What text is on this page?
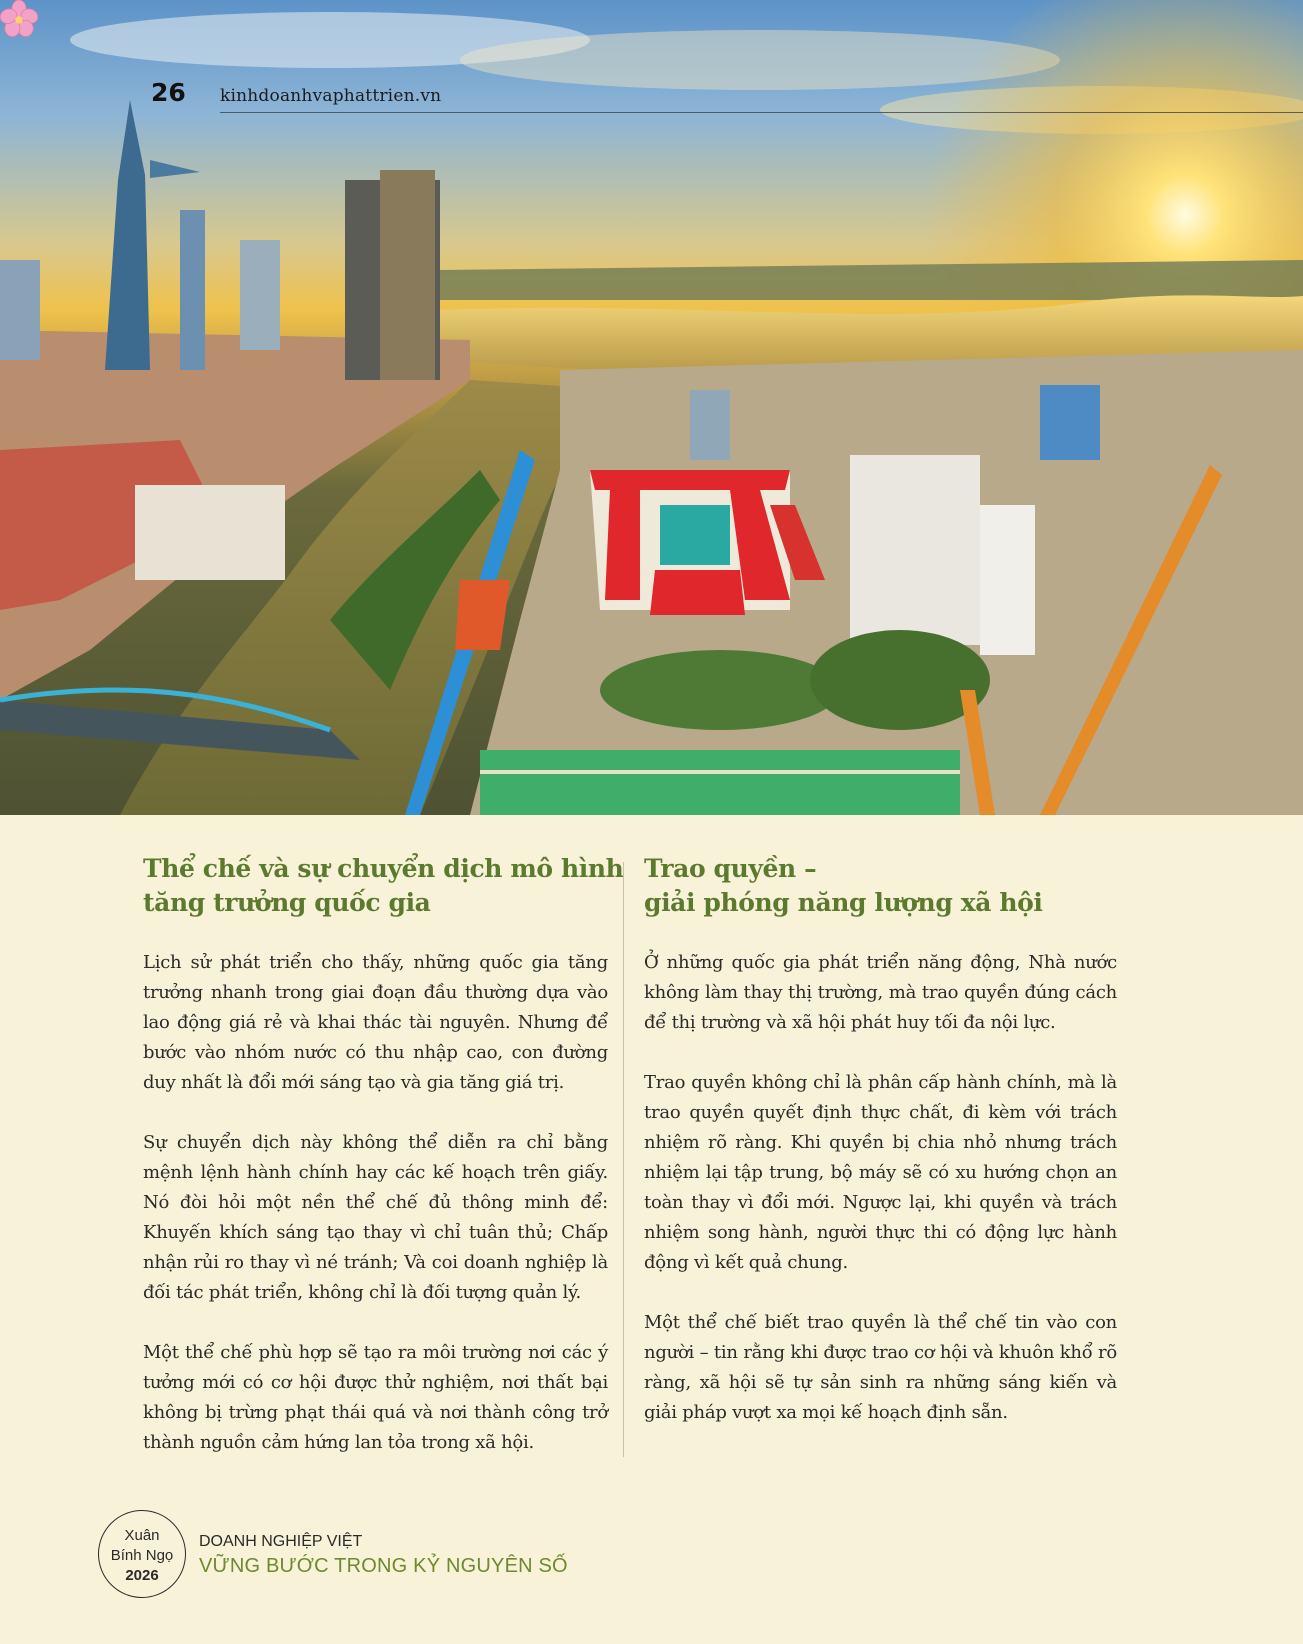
26 kinhdoanhvaphattrien.vn
Thể chế và sự chuyển dịch mô hình
tăng trưởng quốc gia

Lịch sử phát triển cho thấy, những quốc gia tăng trưởng nhanh trong giai đoạn đầu thường dựa vào lao động giá rẻ và khai thác tài nguyên. Nhưng để bước vào nhóm nước có thu nhập cao, con đường duy nhất là đổi mới sáng tạo và gia tăng giá trị.

Sự chuyển dịch này không thể diễn ra chỉ bằng mệnh lệnh hành chính hay các kế hoạch trên giấy. Nó đòi hỏi một nền thể chế đủ thông minh để: Khuyến khích sáng tạo thay vì chỉ tuân thủ; Chấp nhận rủi ro thay vì né tránh; Và coi doanh nghiệp là đối tác phát triển, không chỉ là đối tượng quản lý.

Một thể chế phù hợp sẽ tạo ra môi trường nơi các ý tưởng mới có cơ hội được thử nghiệm, nơi thất bại không bị trừng phạt thái quá và nơi thành công trở thành nguồn cảm hứng lan tỏa trong xã hội.

Trao quyền –
giải phóng năng lượng xã hội

Ở những quốc gia phát triển năng động, Nhà nước không làm thay thị trường, mà trao quyền đúng cách để thị trường và xã hội phát huy tối đa nội lực.

Trao quyền không chỉ là phân cấp hành chính, mà là trao quyền quyết định thực chất, đi kèm với trách nhiệm rõ ràng. Khi quyền bị chia nhỏ nhưng trách nhiệm lại tập trung, bộ máy sẽ có xu hướng chọn an toàn thay vì đổi mới. Ngược lại, khi quyền và trách nhiệm song hành, người thực thi có động lực hành động vì kết quả chung.

Một thể chế biết trao quyền là thể chế tin vào con người – tin rằng khi được trao cơ hội và khuôn khổ rõ ràng, xã hội sẽ tự sản sinh ra những sáng kiến và giải pháp vượt xa mọi kế hoạch định sẵn.

Xuân
Bính Ngọ
2026
DOANH NGHIỆP VIỆT
VỮNG BƯỚC TRONG KỶ NGUYÊN SỐ
